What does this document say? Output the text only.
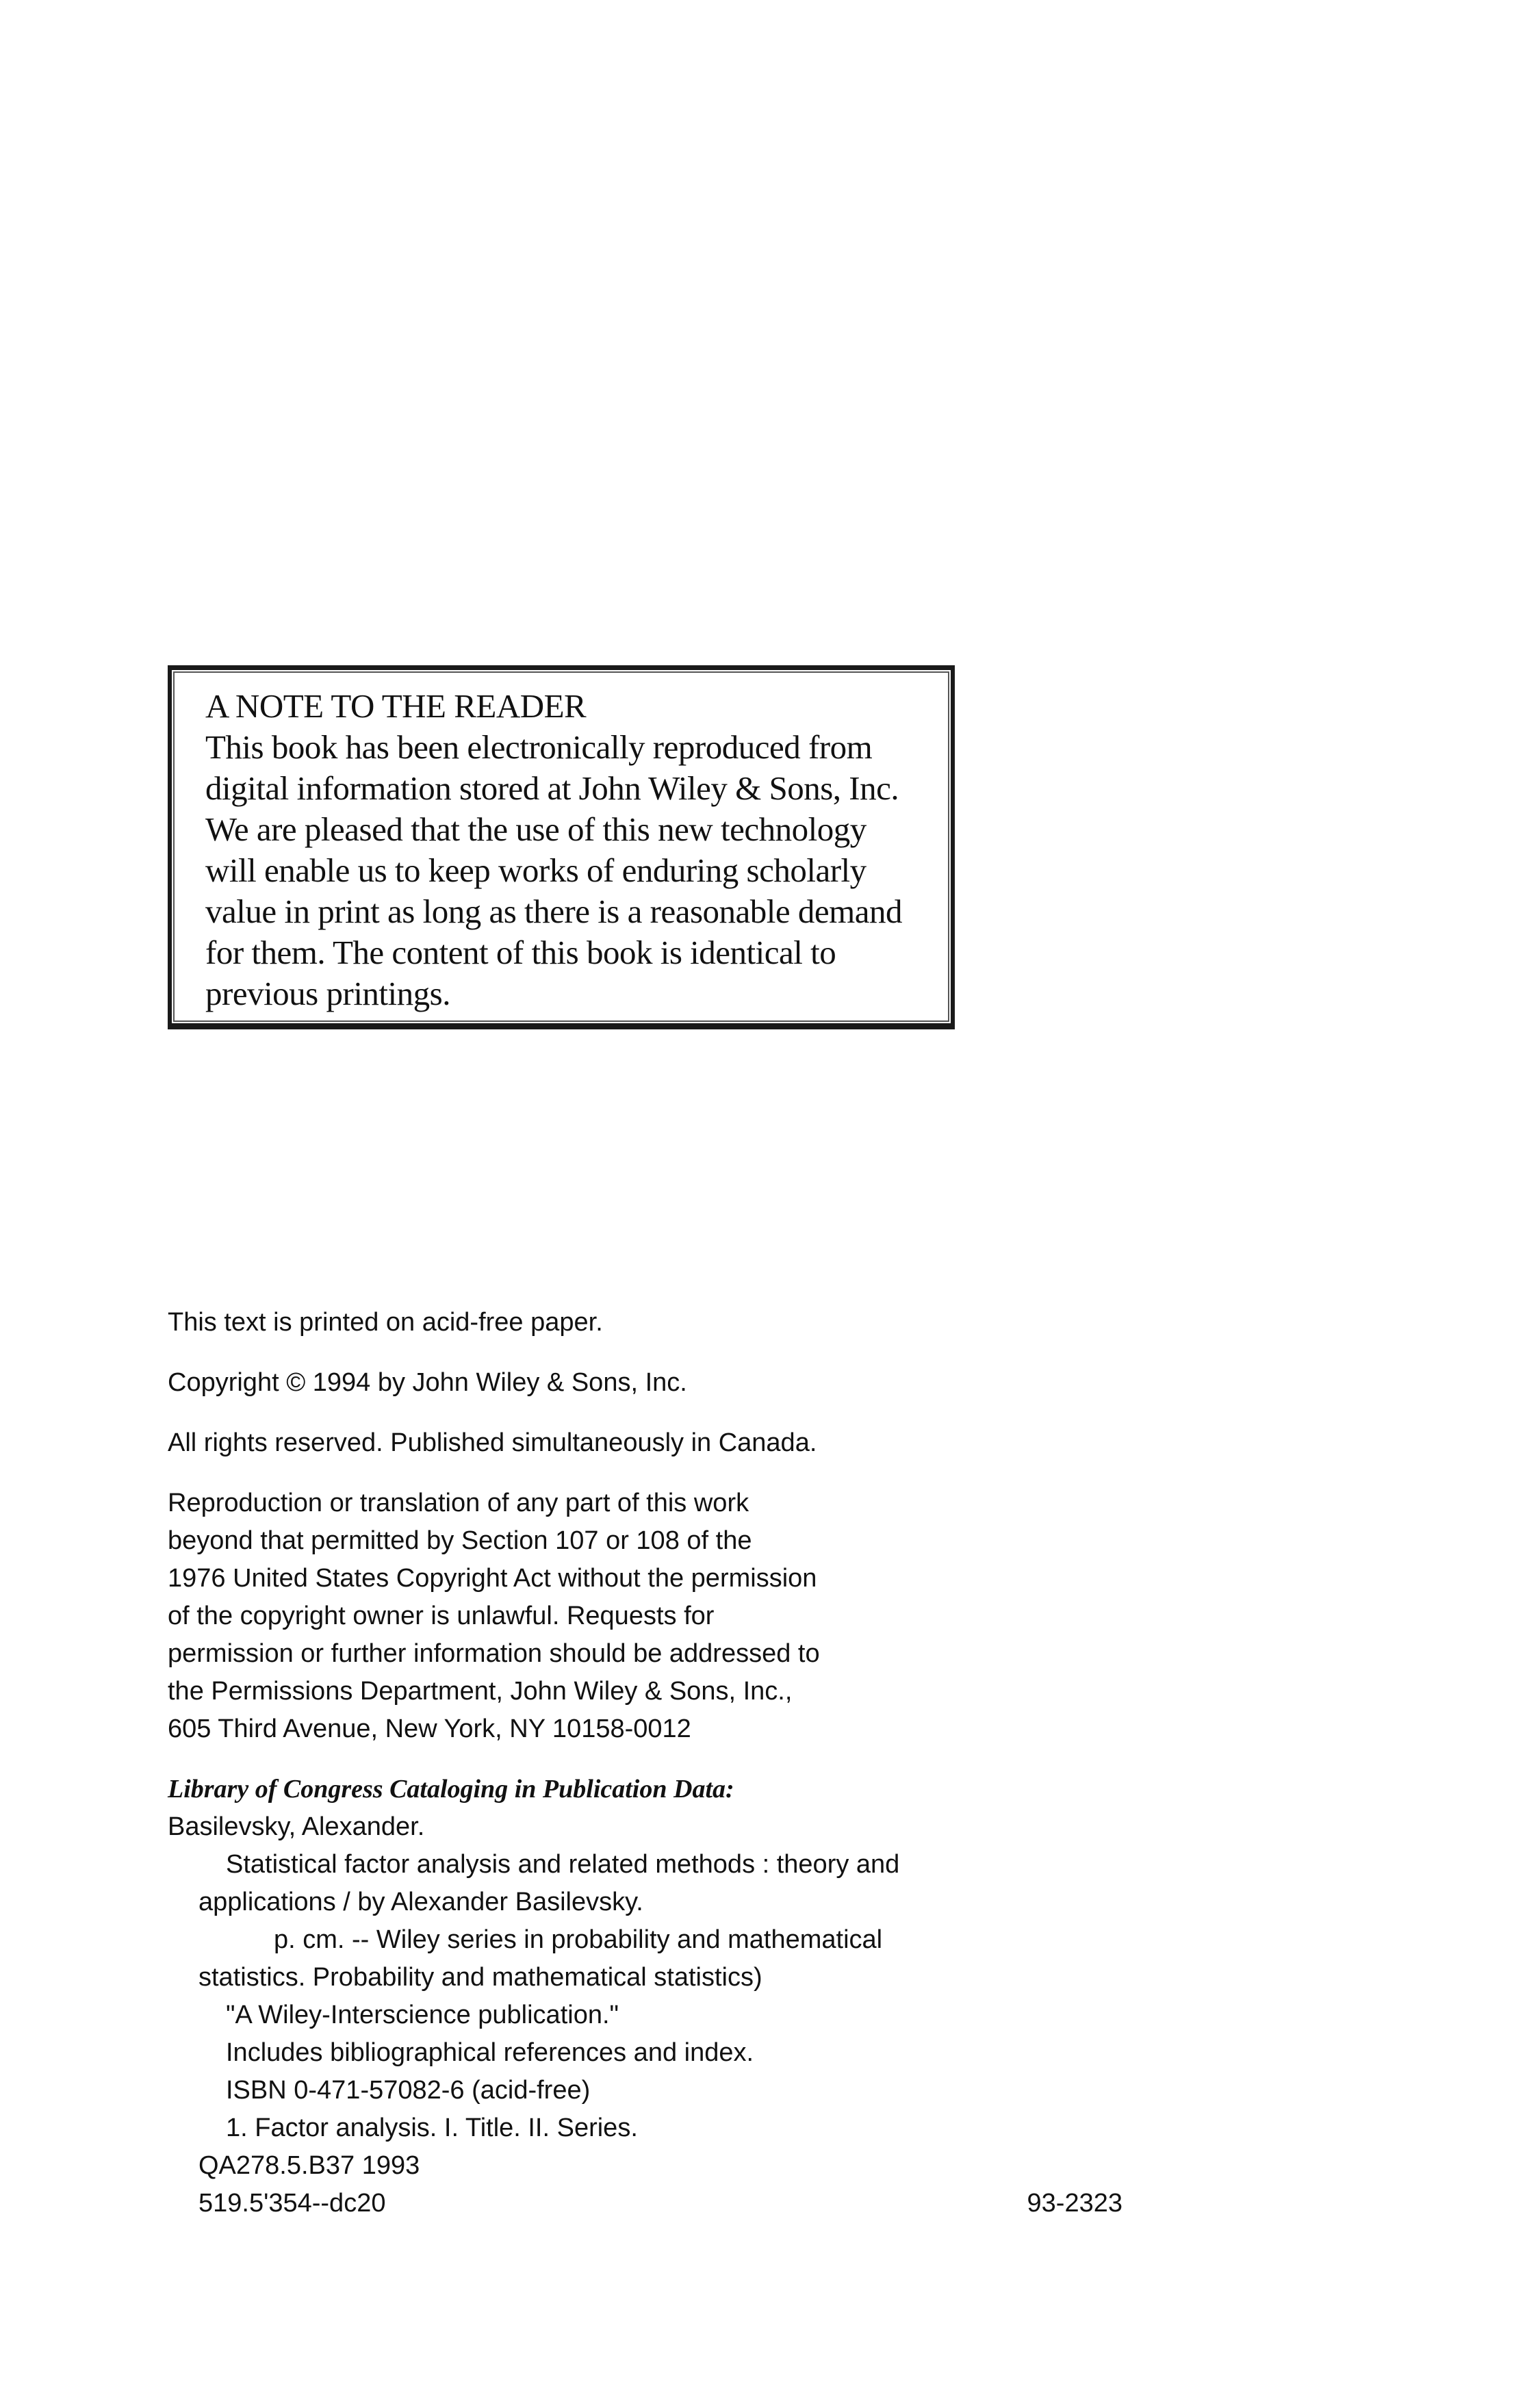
A NOTE TO THE READER
This book has been electronically reproduced from
digital information stored at John Wiley & Sons, Inc.
We are pleased that the use of this new technology
will enable us to keep works of enduring scholarly
value in print as long as there is a reasonable demand
for them. The content of this book is identical to
previous printings.
This text is printed on acid-free paper.
Copyright © 1994 by John Wiley & Sons, Inc.
All rights reserved. Published simultaneously in Canada.
Reproduction or translation of any part of this work
beyond that permitted by Section 107 or 108 of the
1976 United States Copyright Act without the permission
of the copyright owner is unlawful. Requests for
permission or further information should be addressed to
the Permissions Department, John Wiley & Sons, Inc.,
605 Third Avenue, New York, NY 10158-0012
Library of Congress Cataloging in Publication Data:
Basilevsky, Alexander.
Statistical factor analysis and related methods : theory and
applications / by Alexander Basilevsky.
p. cm. -- Wiley series in probability and mathematical
statistics. Probability and mathematical statistics)
"A Wiley-Interscience publication."
Includes bibliographical references and index.
ISBN 0-471-57082-6 (acid-free)
1. Factor analysis. I. Title. II. Series.
QA278.5.B37 1993
519.5'354--dc20	93-2323
